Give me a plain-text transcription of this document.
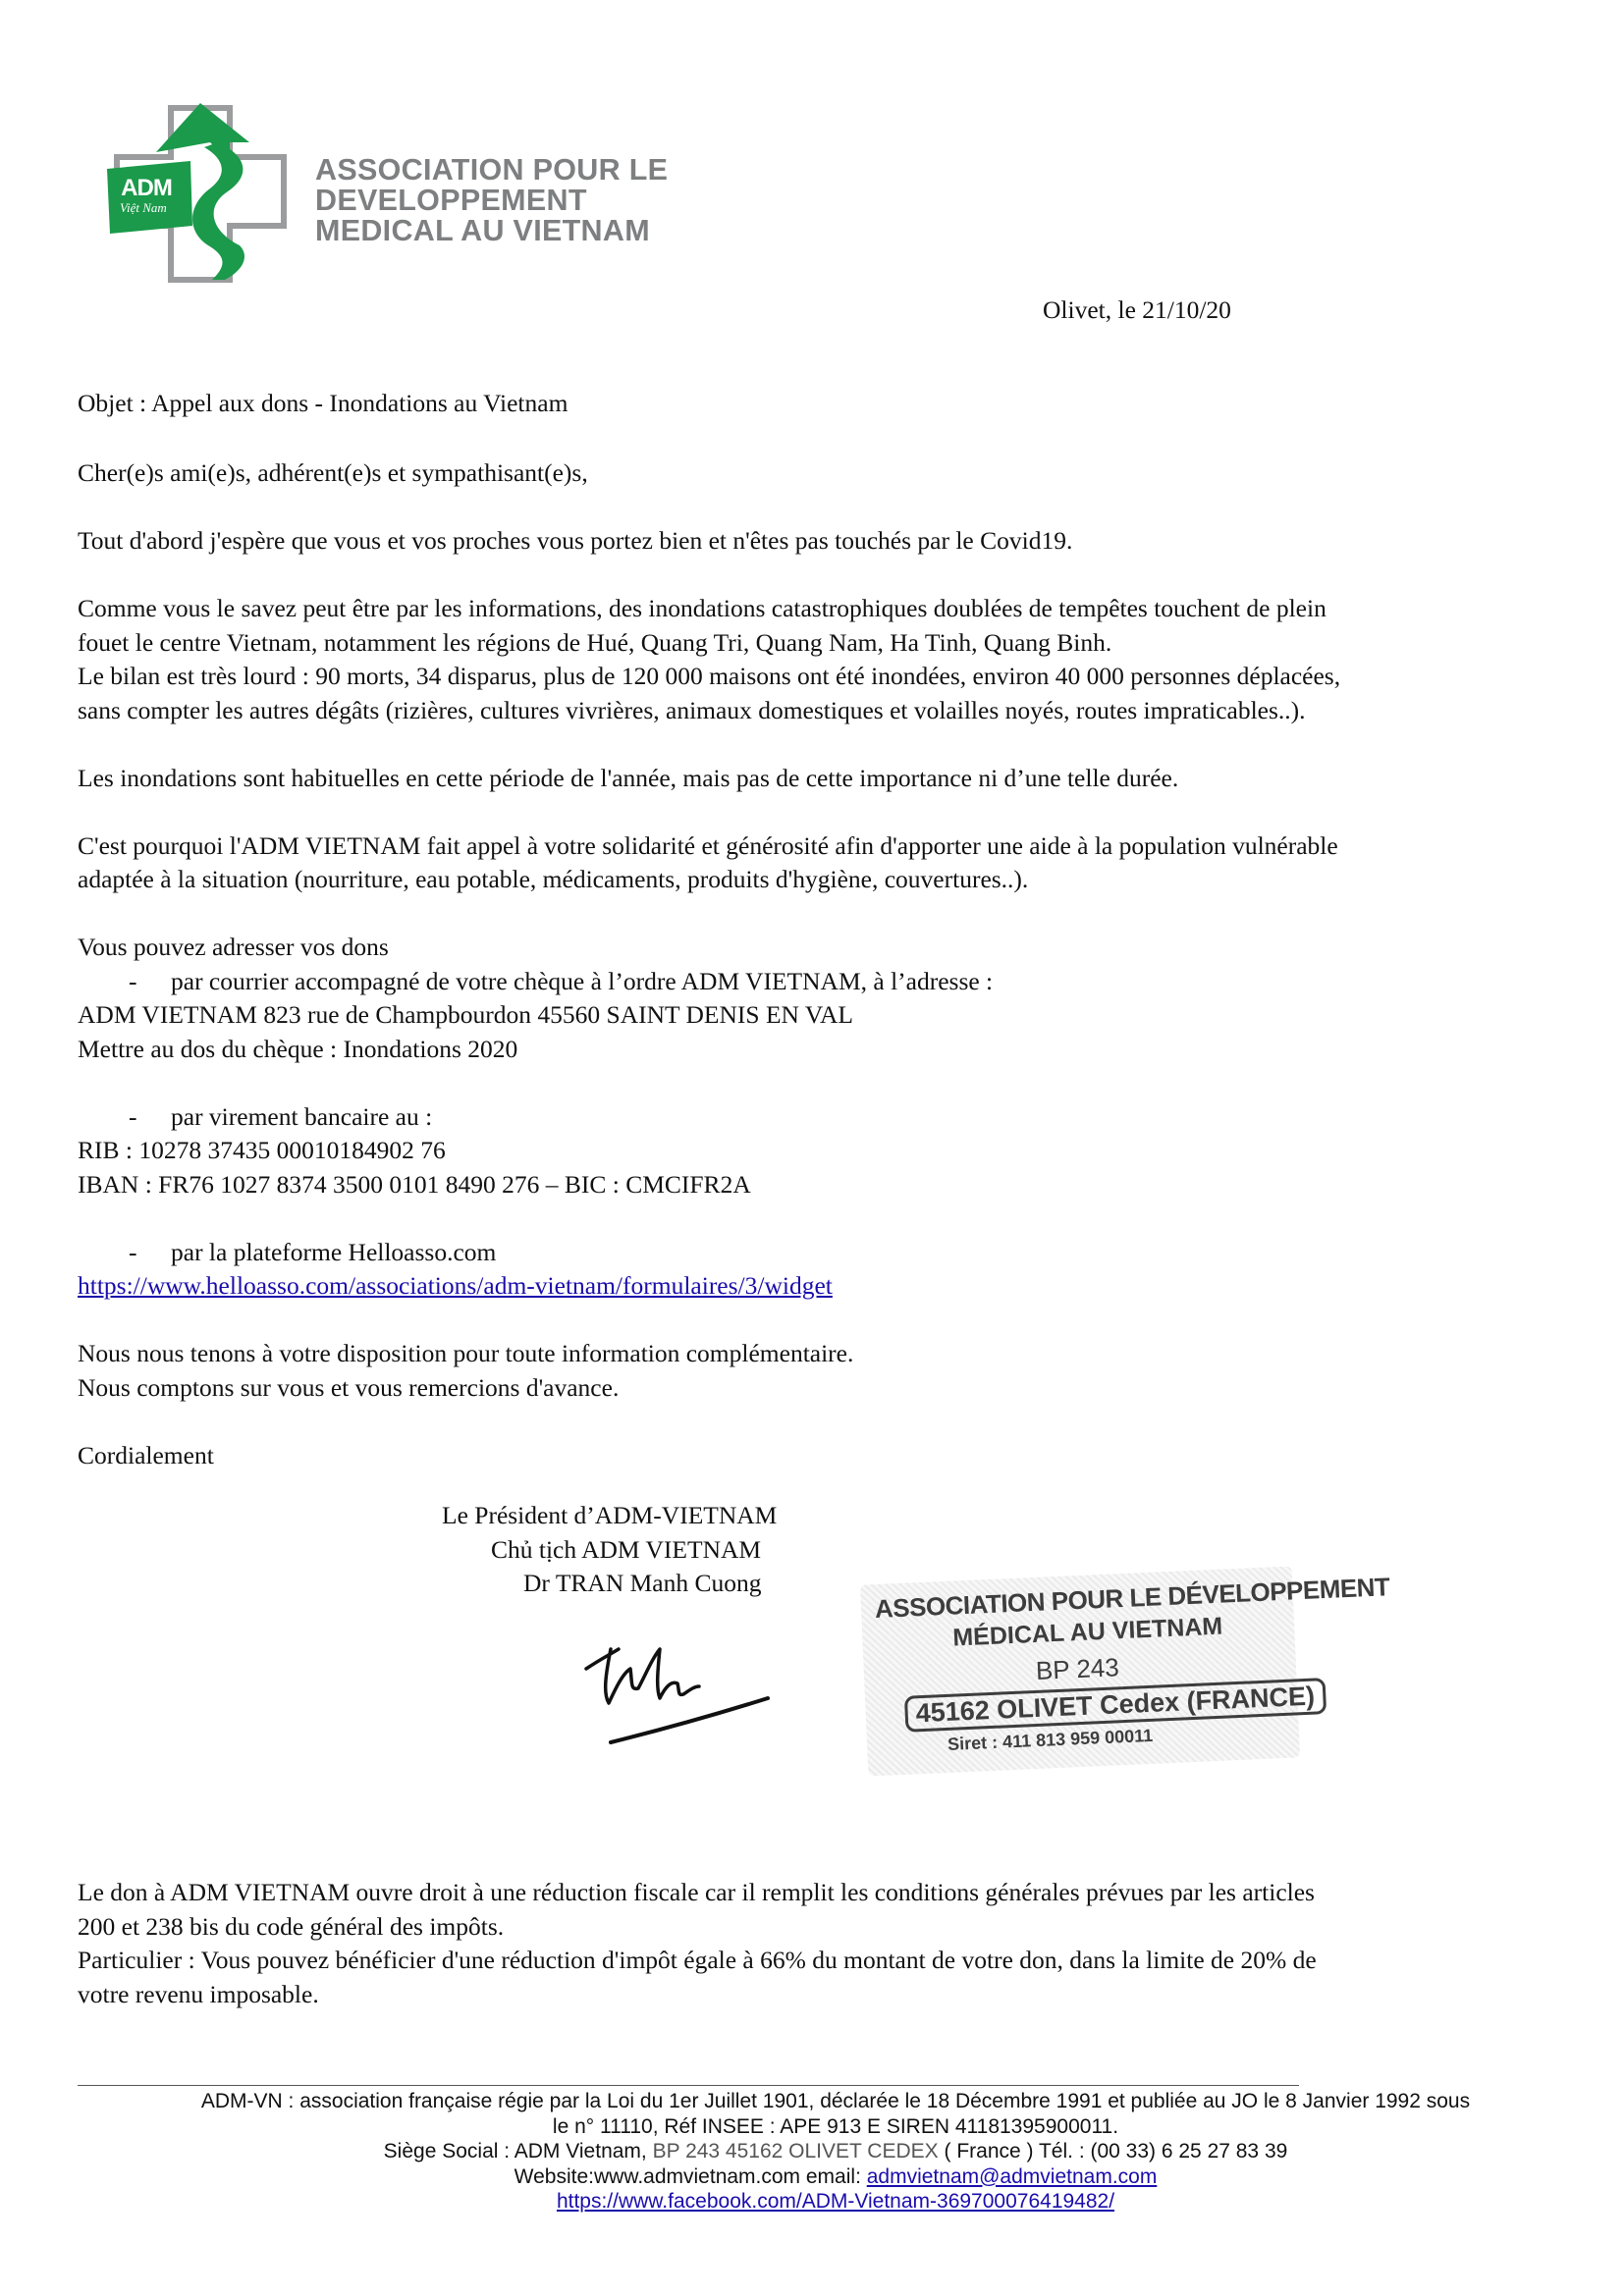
ADM
Việt Nam
ASSOCIATION POUR LE
DEVELOPPEMENT
MEDICAL AU VIETNAM
Olivet, le 21/10/20

Objet : Appel aux dons - Inondations au Vietnam

Cher(e)s ami(e)s, adhérent(e)s et sympathisant(e)s,

Tout d'abord j'espère que vous et vos proches vous portez bien et n'êtes pas touchés par le Covid19.

Comme vous le savez peut être par les informations, des inondations catastrophiques doublées de tempêtes touchent de plein

fouet le centre Vietnam, notamment les régions de Hué, Quang Tri, Quang Nam, Ha Tinh, Quang Binh.

Le bilan est très lourd : 90 morts, 34 disparus, plus de 120 000 maisons ont été inondées, environ 40 000 personnes déplacées,

sans compter les autres dégâts (rizières, cultures vivrières, animaux domestiques et volailles noyés, routes impraticables..).

Les inondations sont habituelles en cette période de l'année, mais pas de cette importance ni d’une telle durée.

C'est pourquoi l'ADM VIETNAM fait appel à votre solidarité et générosité afin d'apporter une aide à la population vulnérable

adaptée à la situation (nourriture, eau potable, médicaments, produits d'hygiène, couvertures..).

Vous pouvez adresser vos dons

- par courrier accompagné de votre chèque à l’ordre ADM VIETNAM, à l’adresse :

ADM VIETNAM 823 rue de Champbourdon 45560 SAINT DENIS EN VAL

Mettre au dos du chèque : Inondations 2020

- par virement bancaire au :

RIB : 10278 37435 00010184902 76

IBAN : FR76 1027 8374 3500 0101 8490 276 – BIC : CMCIFR2A

- par la plateforme Helloasso.com

https://www.helloasso.com/associations/adm-vietnam/formulaires/3/widget

Nous nous tenons à votre disposition pour toute information complémentaire.

Nous comptons sur vous et vous remercions d'avance.

Cordialement

Le Président d’ADM-VIETNAM
Chủ tịch ADM VIETNAM
Dr TRAN Manh Cuong	ASSOCIATION POUR LE DÉVELOPPEMENT
MÉDICAL AU VIETNAM
BP 243
45162 OLIVET Cedex (FRANCE)
Siret : 411 813 959 00011

Le don à ADM VIETNAM ouvre droit à une réduction fiscale car il remplit les conditions générales prévues par les articles

200 et 238 bis du code général des impôts.

Particulier : Vous pouvez bénéficier d'une réduction d'impôt égale à 66% du montant de votre don, dans la limite de 20% de

votre revenu imposable.

ADM-VN : association française régie par la Loi du 1er Juillet 1901, déclarée le 18 Décembre 1991 et publiée au JO le 8 Janvier 1992 sous
le n° 11110, Réf INSEE : APE 913 E SIREN 41181395900011.
Siège Social : ADM Vietnam, BP 243 45162 OLIVET CEDEX ( France ) Tél. : (00 33) 6 25 27 83 39
Website:www.admvietnam.com email: admvietnam@admvietnam.com
https://www.facebook.com/ADM-Vietnam-369700076419482/
